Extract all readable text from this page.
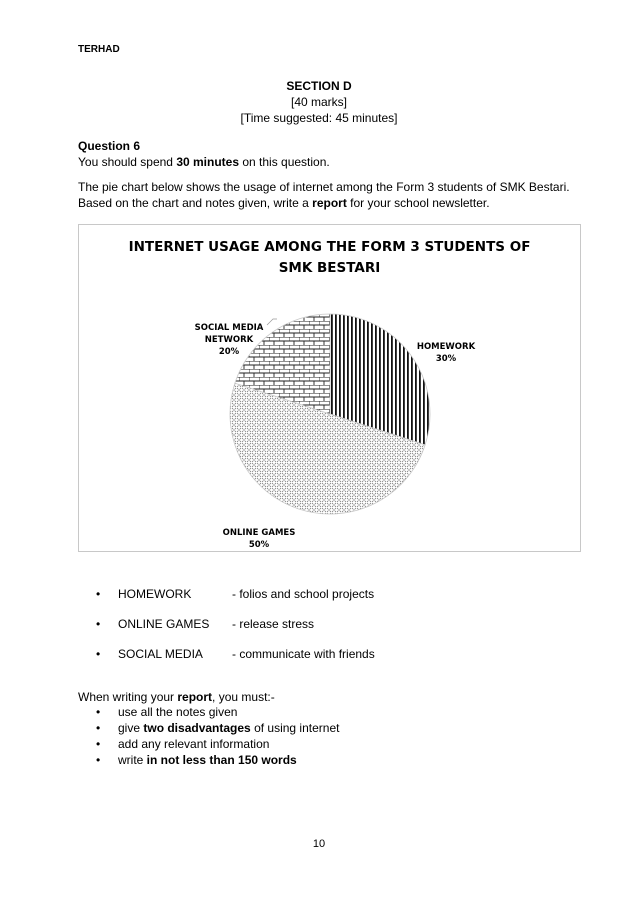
TERHAD
SECTION D
[40 marks]
[Time suggested: 45 minutes]
Question 6
You should spend 30 minutes on this question.
The pie chart below shows the usage of internet among the Form 3 students of SMK Bestari.
Based on the chart and notes given, write a report for your school newsletter.
INTERNET USAGE AMONG THE FORM 3 STUDENTS OF
SMK BESTARI
HOMEWORK
30%
ONLINE GAMES
50%
SOCIAL MEDIA
NETWORK
20%
• HOMEWORK	- folios and school projects
• ONLINE GAMES - release stress
• SOCIAL MEDIA - communicate with friends
When writing your report, you must:-
• use all the notes given
• give two disadvantages of using internet
• add any relevant information
• write in not less than 150 words
10
